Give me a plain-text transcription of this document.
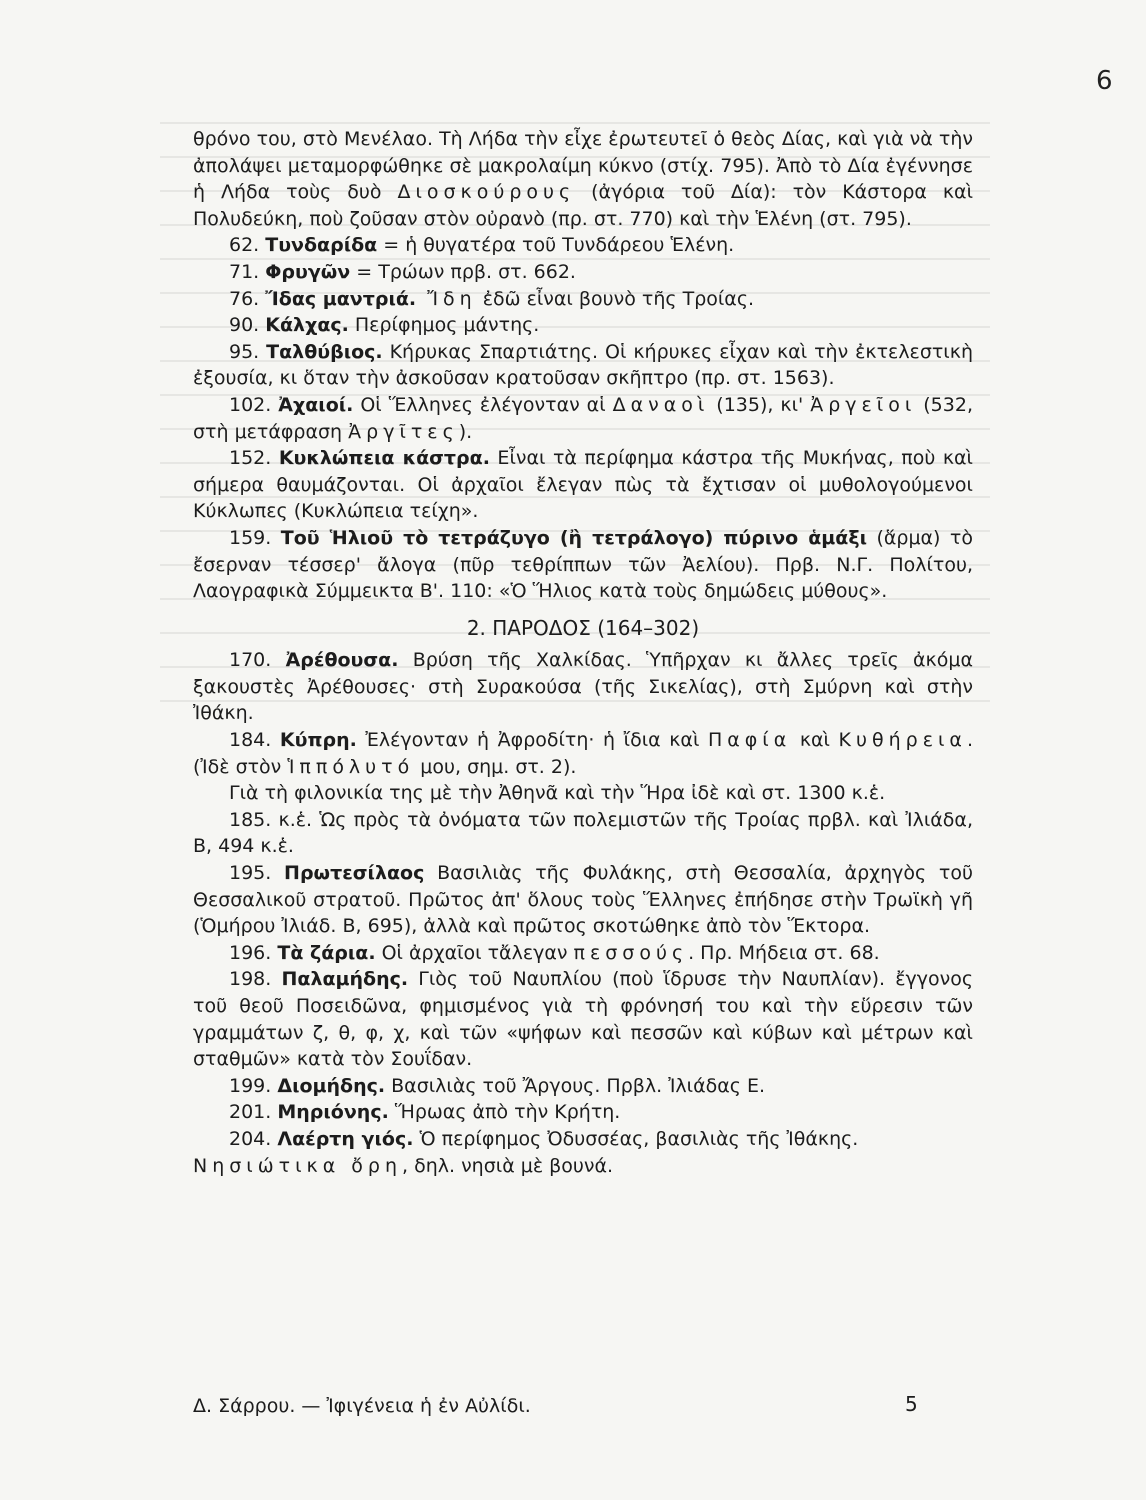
6

θρόνο του, στὸ Μενέλαο. Τὴ Λήδα τὴν εἶχε ἐρωτευτεῖ ὁ θεὸς Δίας, καὶ γιὰ νὰ τὴν ἀπολάψει μεταμορφώθηκε σὲ μακρολαίμη κύκνο (στίχ. 795). Ἀπὸ τὸ Δία ἐγέννησε ἡ Λήδα τοὺς δυὸ Διοσκούρους (ἀγόρια τοῦ Δία): τὸν Κάστορα καὶ Πολυδεύκη, ποὺ ζοῦσαν στὸν οὐρανὸ (πρ. στ. 770) καὶ τὴν Ἑλένη (στ. 795).

62. Τυνδαρίδα = ἡ θυγατέρα τοῦ Τυνδάρεου Ἑλένη.

71. Φρυγῶν = Τρώων πρβ. στ. 662.

76. Ἴδας μαντριά. Ἴδη ἐδῶ εἶναι βουνὸ τῆς Τροίας.

90. Κάλχας. Περίφημος μάντης.

95. Ταλθύβιος. Κήρυκας Σπαρτιάτης. Οἱ κήρυκες εἶχαν καὶ τὴν ἐκτελεστικὴ ἐξουσία, κι ὅταν τὴν ἀσκοῦσαν κρατοῦσαν σκῆπτρο (πρ. στ. 1563).

102. Ἀχαιοί. Οἱ Ἕλληνες ἐλέγονταν αἱ Δαναοὶ (135), κι' Ἀργεῖοι (532, στὴ μετάφραση Ἀργῖτες).

152. Κυκλώπεια κάστρα. Εἶναι τὰ περίφημα κάστρα τῆς Μυκήνας, ποὺ καὶ σήμερα θαυμάζονται. Οἱ ἀρχαῖοι ἔλεγαν πὼς τὰ ἔχτισαν οἱ μυθολογούμενοι Κύκλωπες (Κυκλώπεια τείχη».

159. Τοῦ Ἡλιοῦ τὸ τετράζυγο (ἢ τετράλογο) πύρινο ἁμάξι (ἅρμα) τὸ ἔσερναν τέσσερ' ἄλογα (πῦρ τεθρίππων τῶν Ἀελίου). Πρβ. Ν.Γ. Πολίτου, Λαογραφικὰ Σύμμεικτα Β'. 110: «Ὁ Ἥλιος κατὰ τοὺς δημώδεις μύθους».

2. ΠΑΡΟΔΟΣ (164–302)

170. Ἀρέθουσα. Βρύση τῆς Χαλκίδας. Ὑπῆρχαν κι ἄλλες τρεῖς ἀκόμα ξακουστὲς Ἀρέθουσες· στὴ Συρακούσα (τῆς Σικελίας), στὴ Σμύρνη καὶ στὴν Ἰθάκη.

184. Κύπρη. Ἐλέγονταν ἡ Ἀφροδίτη· ἡ ἴδια καὶ Παφία καὶ Κυθήρεια. (Ἰδὲ στὸν Ἱππόλυτό μου, σημ. στ. 2).

Γιὰ τὴ φιλονικία της μὲ τὴν Ἀθηνᾶ καὶ τὴν Ἥρα ἰδὲ καὶ στ. 1300 κ.ἑ.

185. κ.ἑ. Ὡς πρὸς τὰ ὀνόματα τῶν πολεμιστῶν τῆς Τροίας πρβλ. καὶ Ἰλιάδα, Β, 494 κ.ἑ.

195. Πρωτεσίλαος Βασιλιὰς τῆς Φυλάκης, στὴ Θεσσαλία, ἀρχηγὸς τοῦ Θεσσαλικοῦ στρατοῦ. Πρῶτος ἀπ' ὅλους τοὺς Ἕλληνες ἐπήδησε στὴν Τρωϊκὴ γῆ (Ὁμήρου Ἰλιάδ. Β, 695), ἀλλὰ καὶ πρῶτος σκοτώθηκε ἀπὸ τὸν Ἕκτορα.

196. Τὰ ζάρια. Οἱ ἀρχαῖοι τἄλεγαν πεσσούς. Πρ. Μήδεια στ. 68.

198. Παλαμήδης. Γιὸς τοῦ Ναυπλίου (ποὺ ἵδρυσε τὴν Ναυπλίαν). ἔγγονος τοῦ θεοῦ Ποσειδῶνα, φημισμένος γιὰ τὴ φρόνησή του καὶ τὴν εὕρεσιν τῶν γραμμάτων ζ, θ, φ, χ, καὶ τῶν «ψήφων καὶ πεσσῶν καὶ κύβων καὶ μέτρων καὶ σταθμῶν» κατὰ τὸν Σουΐδαν.

199. Διομήδης. Βασιλιὰς τοῦ Ἄργους. Πρβλ. Ἰλιάδας Ε.

201. Μηριόνης. Ἥρωας ἀπὸ τὴν Κρήτη.

204. Λαέρτη γιός. Ὁ περίφημος Ὀδυσσέας, βασιλιὰς τῆς Ἰθάκης.

Νησιώτικα ὄρη, δηλ. νησιὰ μὲ βουνά.

Δ. Σάρρου. — Ἰφιγένεια ἡ ἐν Αὐλίδι.	5
